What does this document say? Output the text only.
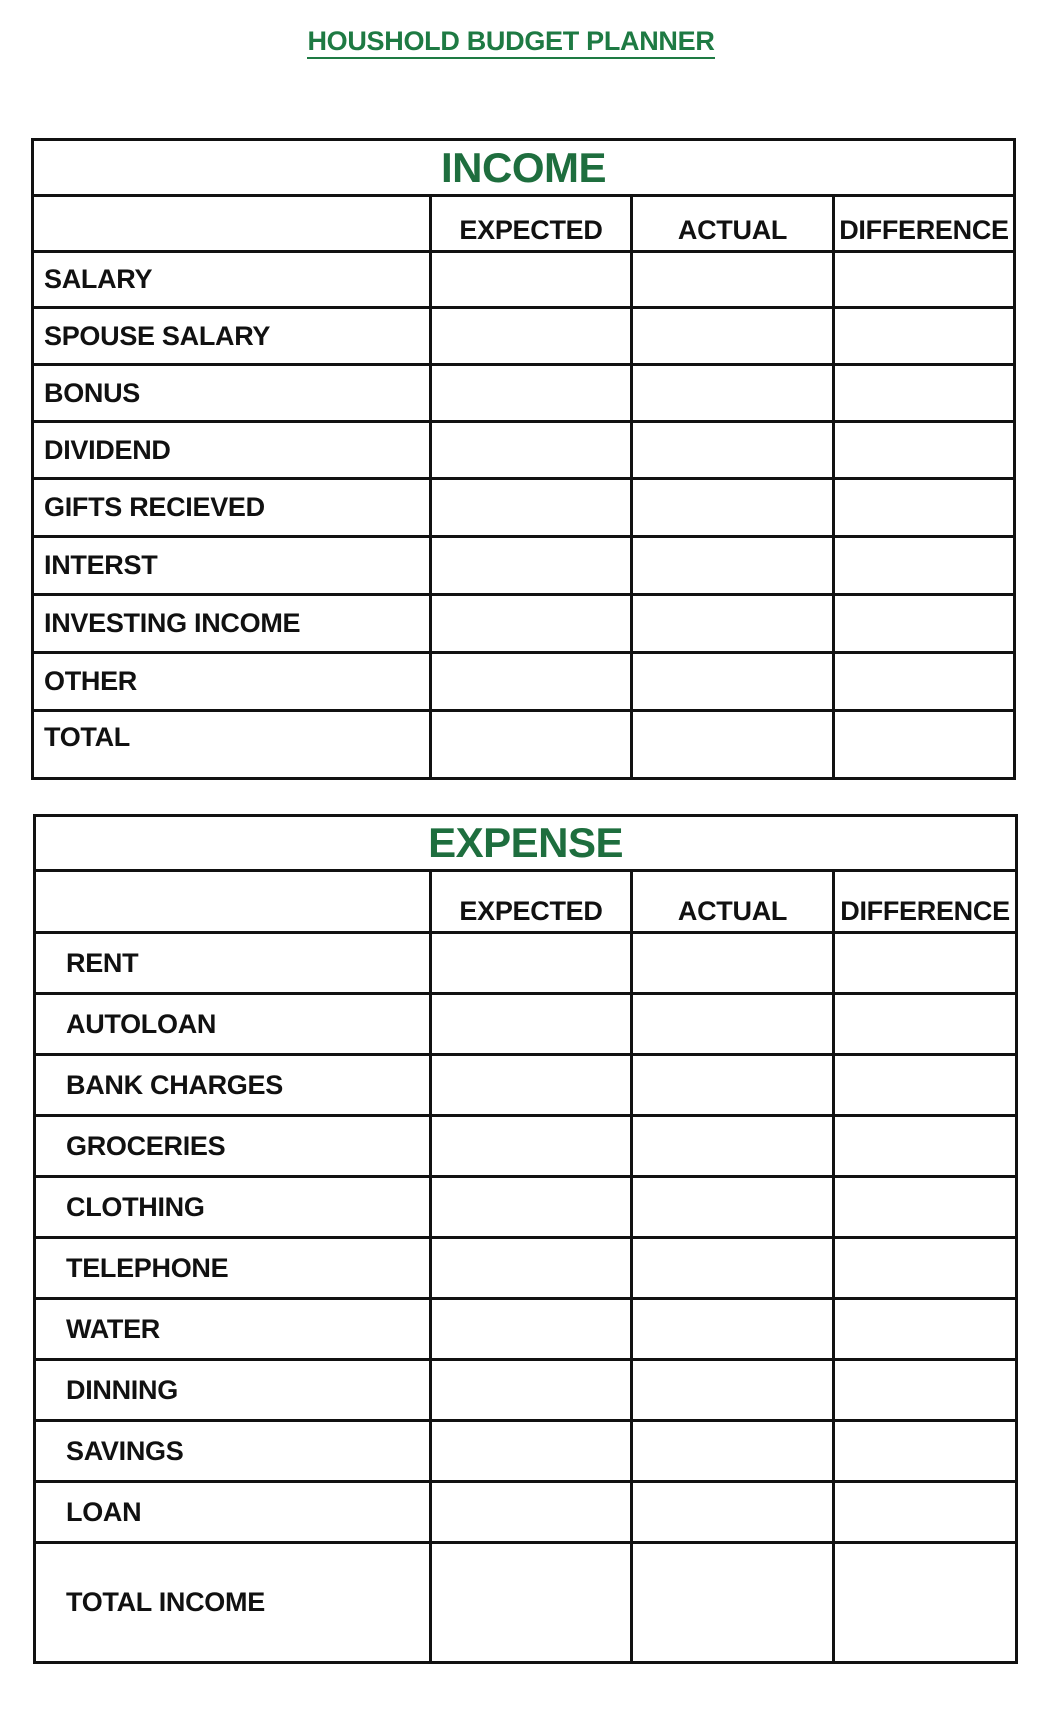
HOUSHOLD BUDGET PLANNER
INCOME			
	EXPECTED	ACTUAL	DIFFERENCE
SALARY			
SPOUSE SALARY			
BONUS			
DIVIDEND			
GIFTS RECIEVED			
INTERST			
INVESTING INCOME			
OTHER			
TOTAL			
EXPENSE			
	EXPECTED	ACTUAL	DIFFERENCE
RENT			
AUTOLOAN			
BANK CHARGES			
GROCERIES			
CLOTHING			
TELEPHONE			
WATER			
DINNING			
SAVINGS			
LOAN			
TOTAL INCOME			
